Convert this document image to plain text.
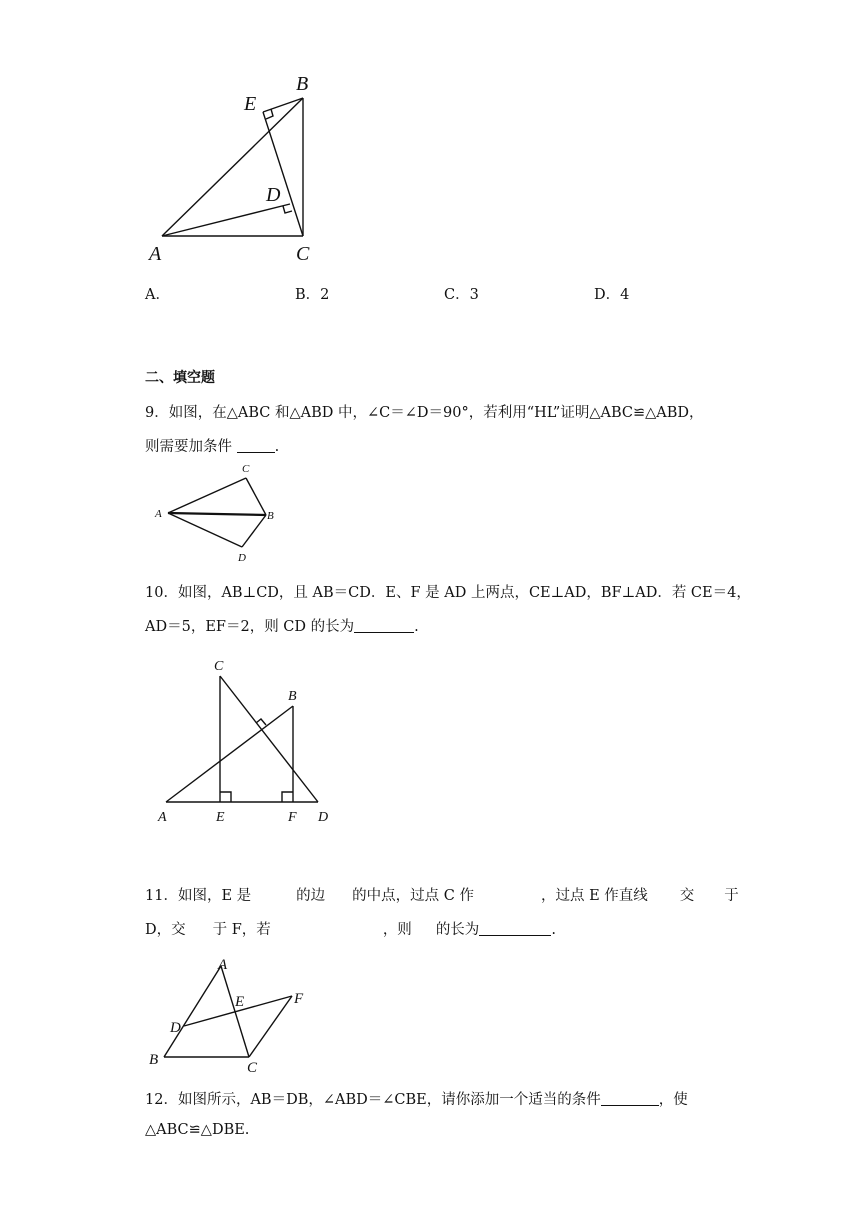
B
E
D
A	C
A．	B．2	C．3	D．4
二、填空题
9．如图，在△ABC 和△ABD 中，∠C＝∠D＝90°，若利用“HL”证明△ABC≌△ABD，
则需要加条件	.
C
A	B
D
10．如图，AB⊥CD，且 AB＝CD．E、F 是 AD 上两点，CE⊥AD，BF⊥AD．若 CE＝4，
AD＝5，EF＝2，则 CD 的长为	.
C
B
A	E	F D
11．如图，E 是	的边 的中点，过点 C 作	，过点 E 作直线 交 于
D，交 于 F，若	，则 的长为	.
A
E	F
D
B	C
12．如图所示，AB＝DB，∠ABD＝∠CBE，请你添加一个适当的条件	，使
△ABC≌△DBE.
